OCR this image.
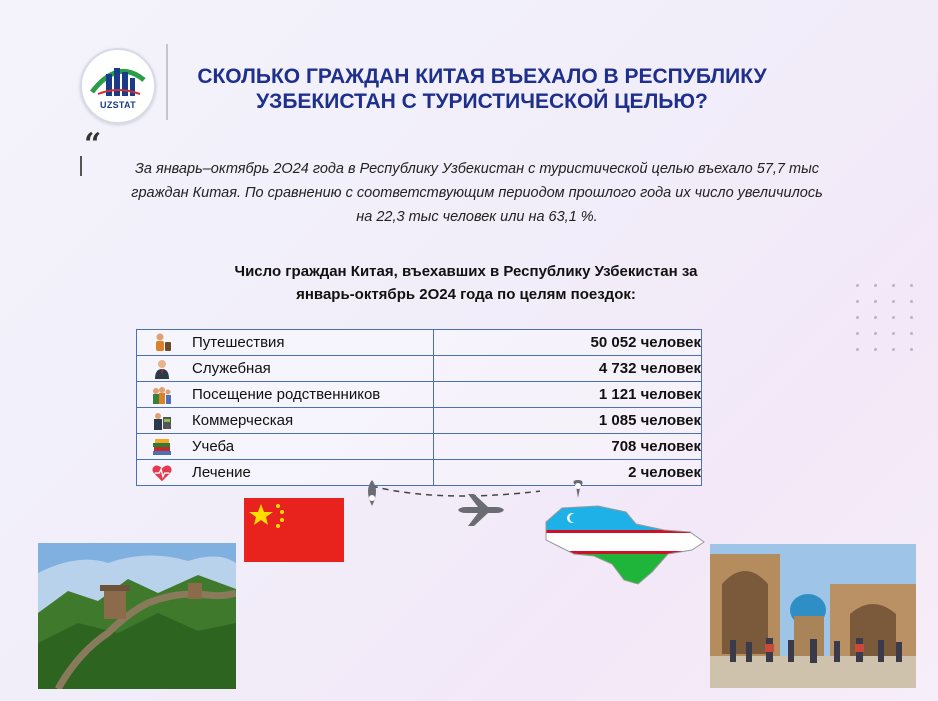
UZSTAT
СКОЛЬКО ГРАЖДАН КИТАЯ ВЪЕХАЛО В РЕСПУБЛИКУ
УЗБЕКИСТАН С ТУРИСТИЧЕСКОЙ ЦЕЛЬЮ?
“
За январь–октябрь 2О24 года в Республику Узбекистан с туристической целью въехало 57,7 тыс
граждан Китая. По сравнению с соответствующим периодом прошлого года их число увеличилось
на 22,3 тыс человек или на 63,1 %.
Число граждан Китая, въехавших в Республику Узбекистан за
январь-октябрь 2О24 года по целям поездок:
Путешествия	50 052 человек

Служебная	4 732 человек

Посещение родственников	1 121 человек

Коммерческая	1 085 человек

Учеба	708 человек

Лечение	2 человек
